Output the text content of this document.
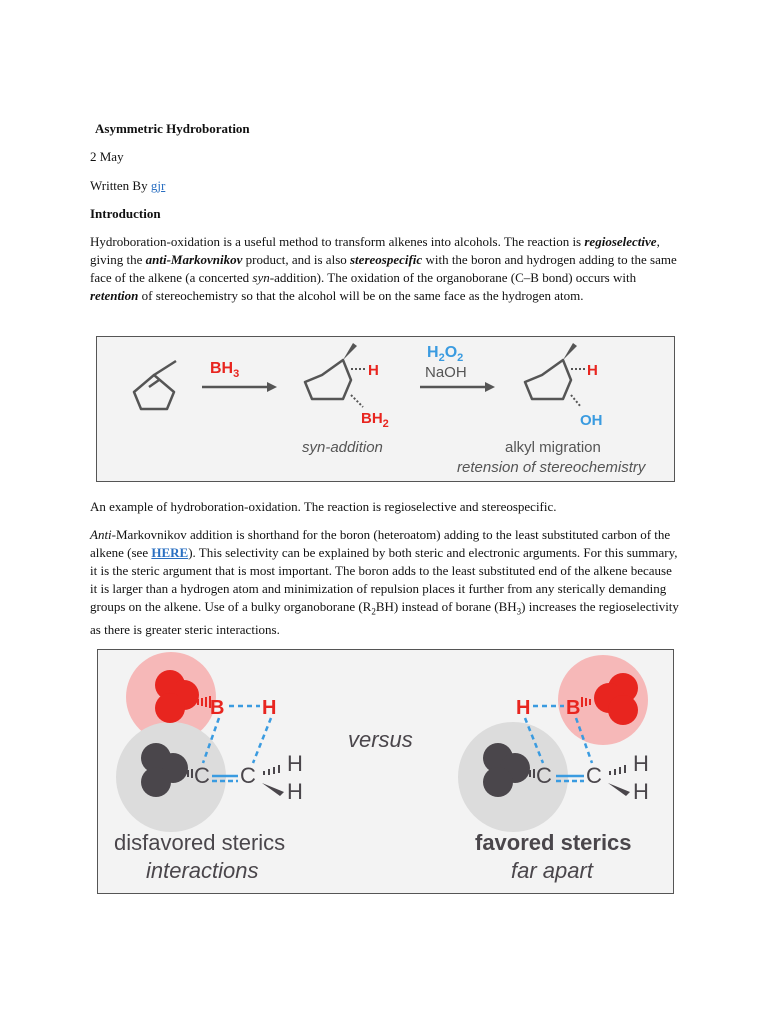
Asymmetric Hydroboration
2 May
Written By gjr
Introduction
Hydroboration-oxidation is a useful method to transform alkenes into alcohols. The reaction is regioselective, giving the anti-Markovnikov product, and is also stereospecific with the boron and hydrogen adding to the same face of the alkene (a concerted syn-addition). The oxidation of the organoborane (C–B bond) occurs with retention of stereochemistry so that the alcohol will be on the same face as the hydrogen atom.
$BH_3$
$H_2O_2$
NaOH
H
$BH_2$
H
OH
syn-addition	alkyl migration
retension of stereochemistry
An example of hydroboration-oxidation. The reaction is regioselective and stereospecific.
Anti-Markovnikov addition is shorthand for the boron (heteroatom) adding to the least substituted carbon of the alkene (see HERE). This selectivity can be explained by both steric and electronic arguments. For this summary, it is the steric argument that is most important. The boron adds to the least substituted end of the alkene because it is larger than a hydrogen atom and minimization of repulsion places it further from any sterically demanding groups on the alkene. Use of a bulky organoborane $(R_2BH)$ instead of borane $(BH_3)$ increases the regioselectivity as there is greater steric interactions.
B H
C C H
H
versus
H B
C C H
H
disfavored sterics
interactions
favored sterics
far apart
